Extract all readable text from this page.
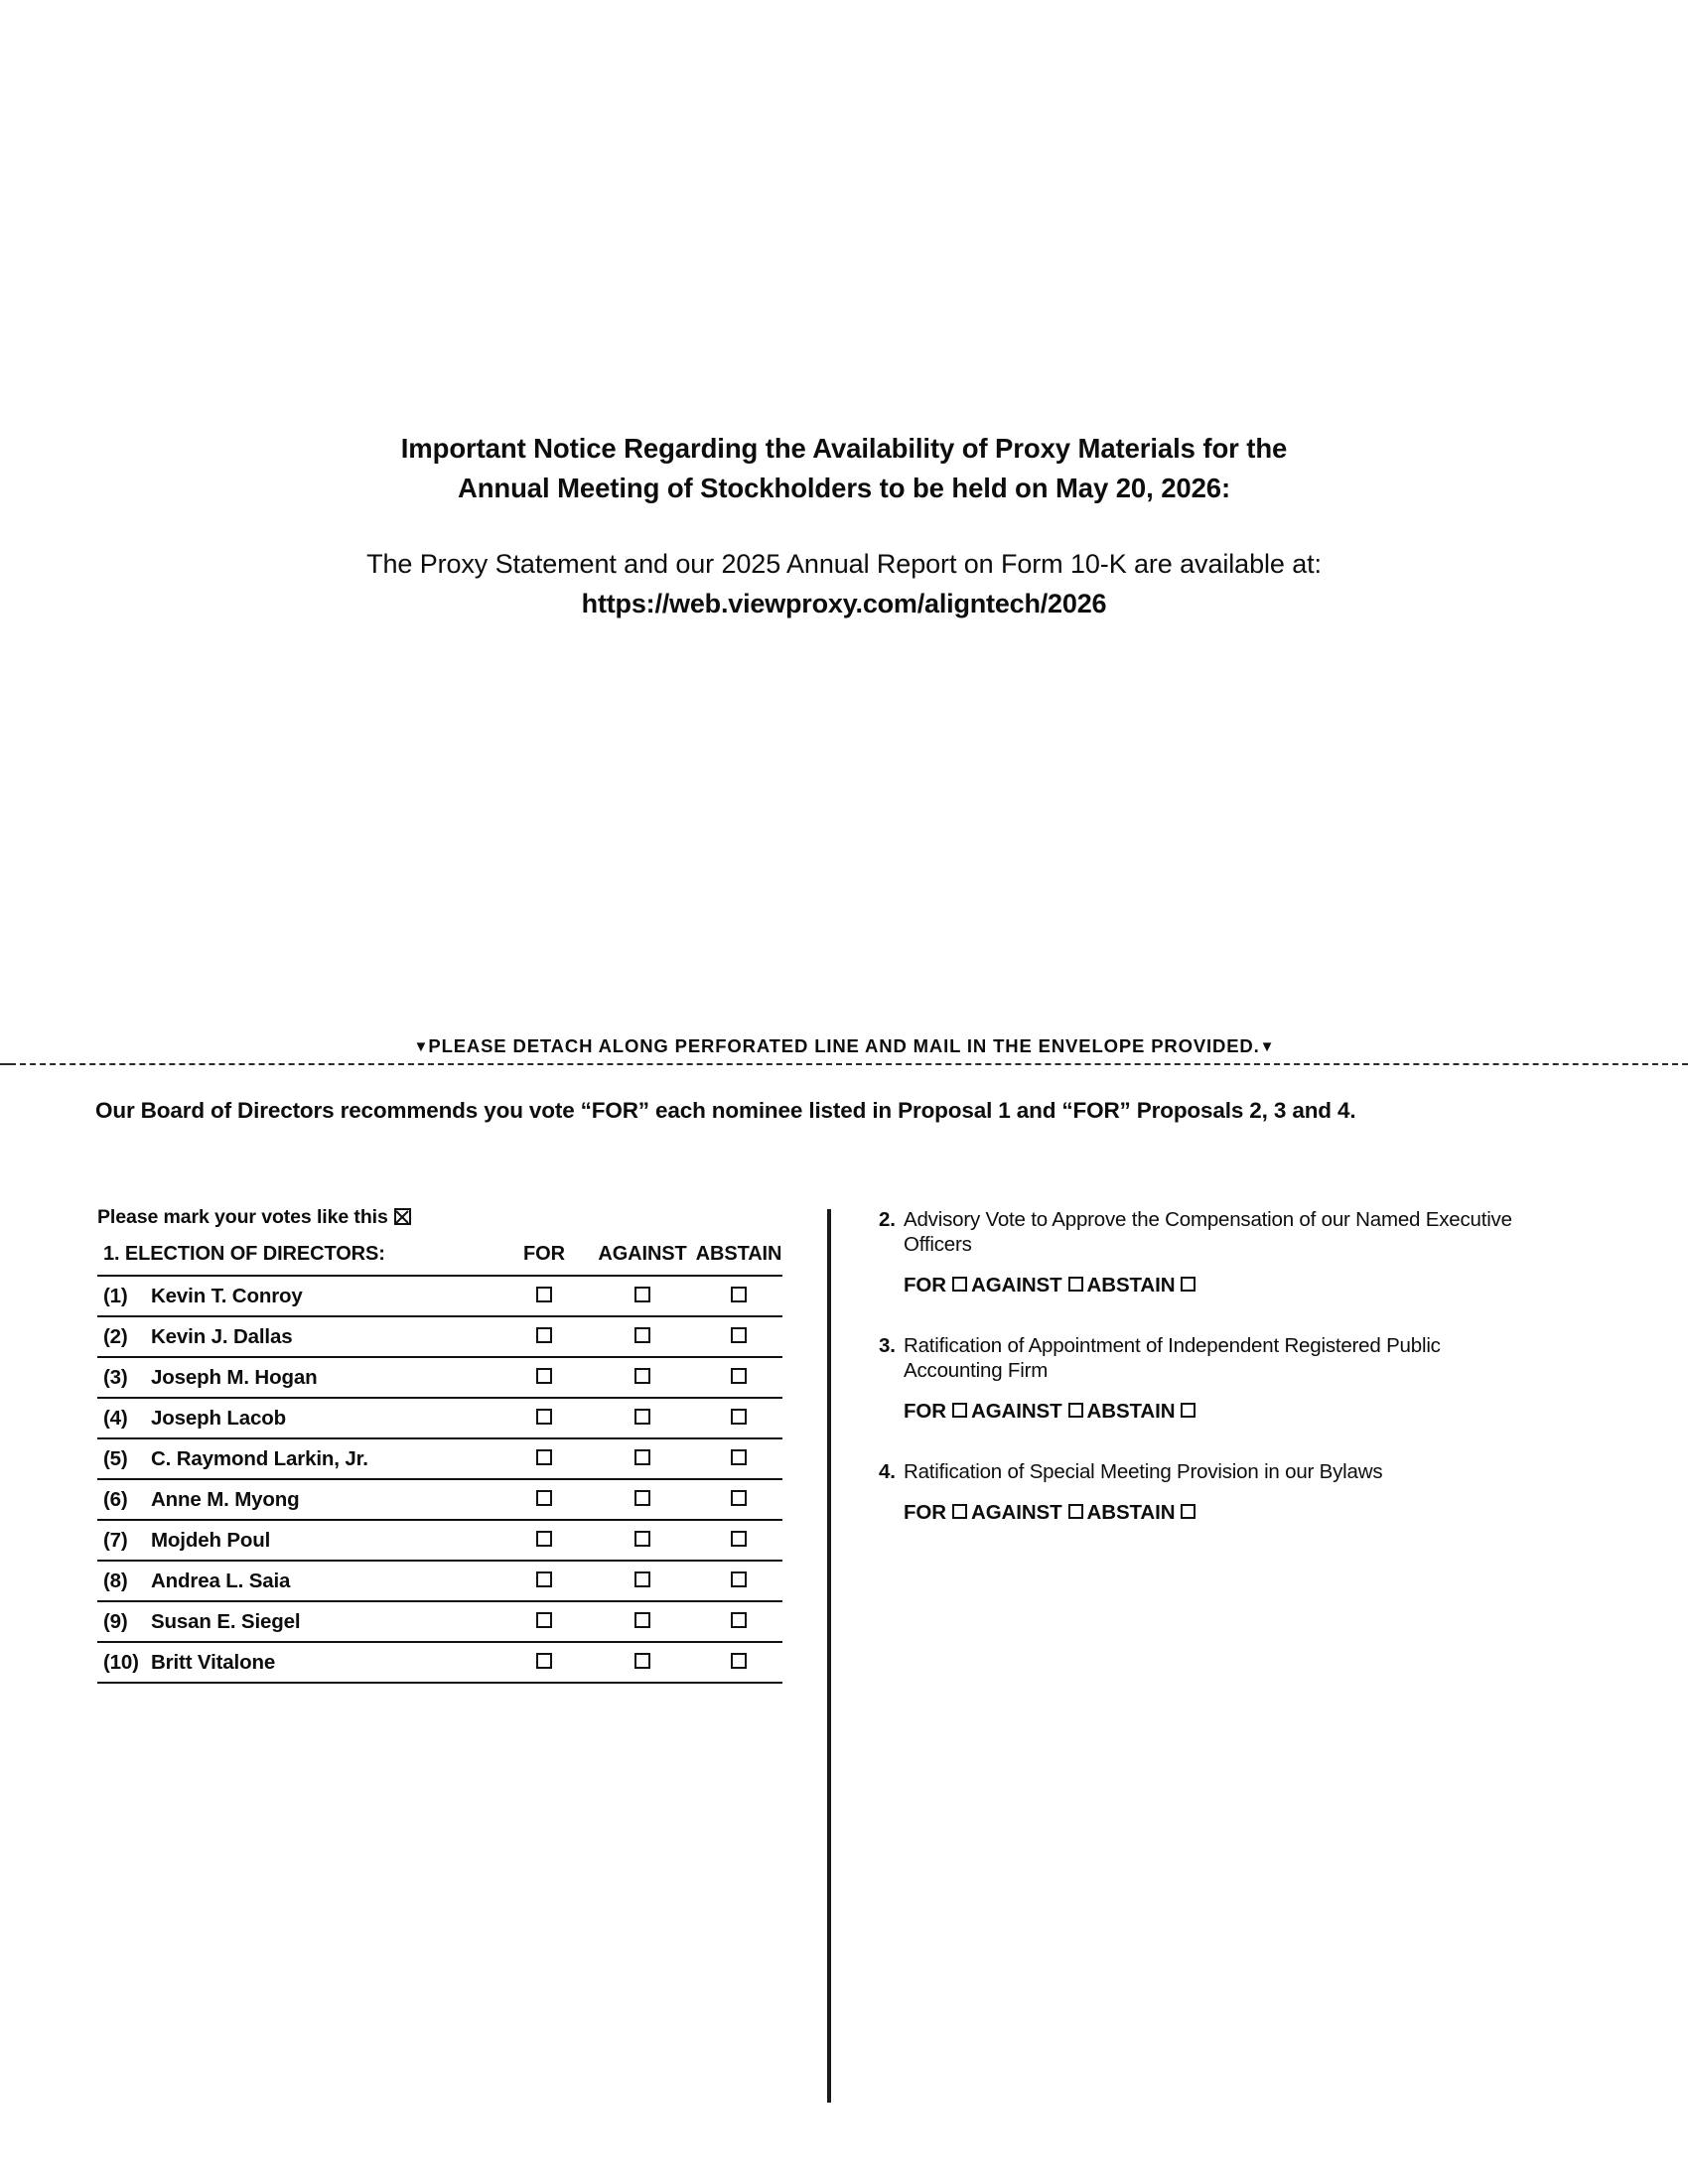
Important Notice Regarding the Availability of Proxy Materials for the
Annual Meeting of Stockholders to be held on May 20, 2026:
The Proxy Statement and our 2025 Annual Report on Form 10-K are available at:
https://web.viewproxy.com/aligntech/2026
▼PLEASE DETACH ALONG PERFORATED LINE AND MAIL IN THE ENVELOPE PROVIDED.▼
Our Board of Directors recommends you vote “FOR” each nominee listed in Proposal 1 and “FOR” Proposals 2, 3 and 4.
Please mark your votes like this
1. ELECTION OF DIRECTORS:		FOR	AGAINST	ABSTAIN
(1)	Kevin T. Conroy			
(2)	Kevin J. Dallas			
(3)	Joseph M. Hogan			
(4)	Joseph Lacob			
(5)	C. Raymond Larkin, Jr.			
(6)	Anne M. Myong			
(7)	Mojdeh Poul			
(8)	Andrea L. Saia			
(9)	Susan E. Siegel			
(10)	Britt Vitalone			
2. Advisory Vote to Approve the Compensation of our Named Executive Officers
FOR AGAINST ABSTAIN
3. Ratification of Appointment of Independent Registered Public Accounting Firm
FOR AGAINST ABSTAIN
4. Ratification of Special Meeting Provision in our Bylaws
FOR AGAINST ABSTAIN
